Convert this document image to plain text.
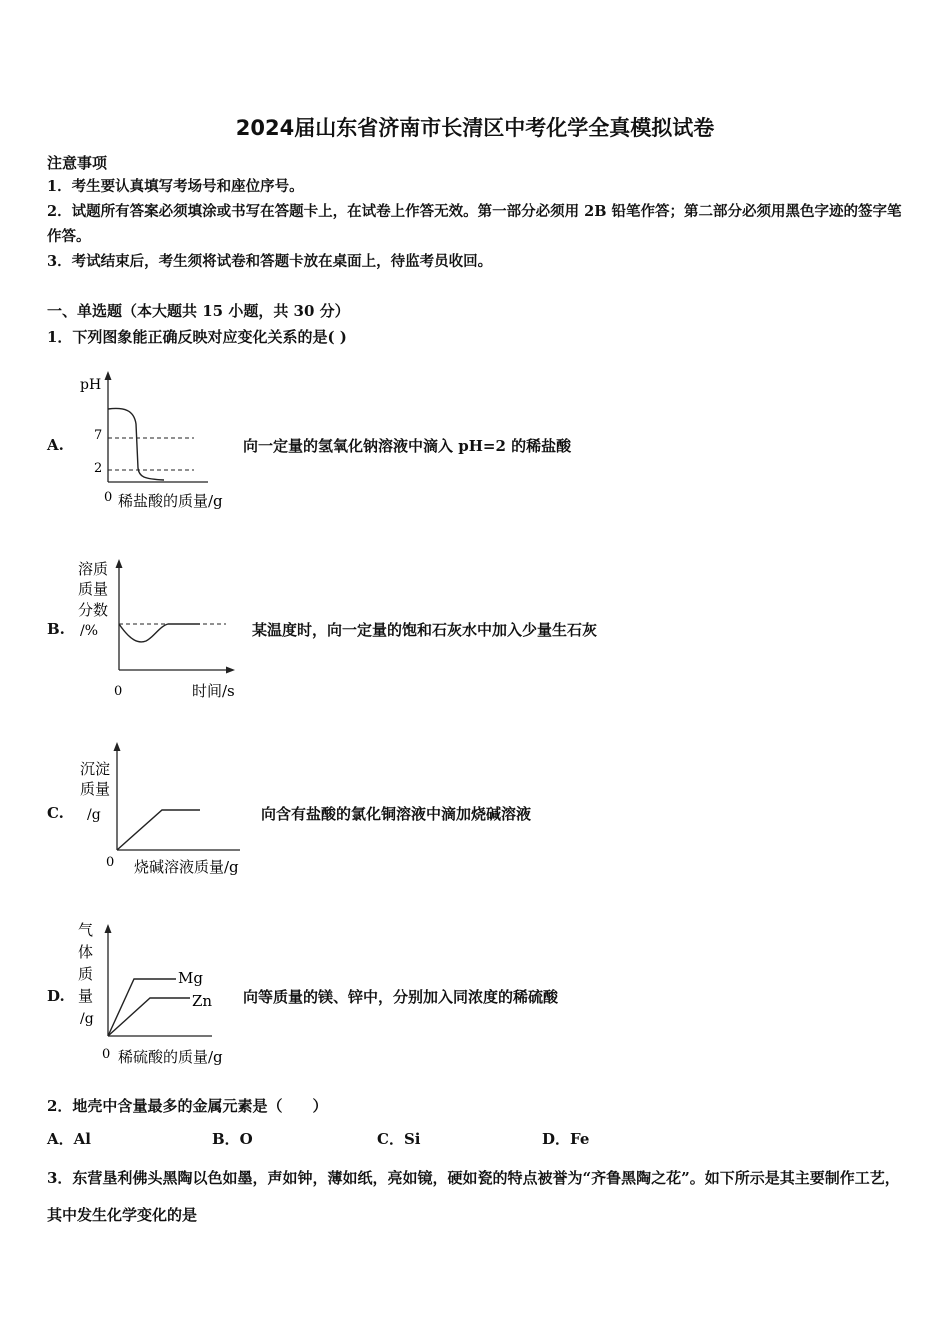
2024届山东省济南市长清区中考化学全真模拟试卷
注意事项
1．考生要认真填写考场号和座位序号。
2．试题所有答案必须填涂或书写在答题卡上，在试卷上作答无效。第一部分必须用 2B 铅笔作答；第二部分必须用黑色字迹的签字笔作答。
3．考试结束后，考生须将试卷和答题卡放在桌面上，待监考员收回。
一、单选题（本大题共 15 小题，共 30 分）
1．下列图象能正确反映对应变化关系的是( )
A.
pH
7
2
0 稀盐酸的质量/g
向一定量的氢氧化钠溶液中滴入 pH=2 的稀盐酸
B.
溶质
质量
分数
/%
0	时间/s
某温度时，向一定量的饱和石灰水中加入少量生石灰
C.
沉淀
质量
/g
0 烧碱溶液质量/g
向含有盐酸的氯化铜溶液中滴加烧碱溶液
D.
气
体
质
量
/g
Mg
Zn
0 稀硫酸的质量/g
向等质量的镁、锌中，分别加入同浓度的稀硫酸
2．地壳中含量最多的金属元素是（　　）
A．Al	B．O	C．Si	D．Fe
3．东营垦利佛头黑陶以色如墨，声如钟，薄如纸，亮如镜，硬如瓷的特点被誉为“齐鲁黑陶之花”。如下所示是其主要制作工艺，其中发生化学变化的是
